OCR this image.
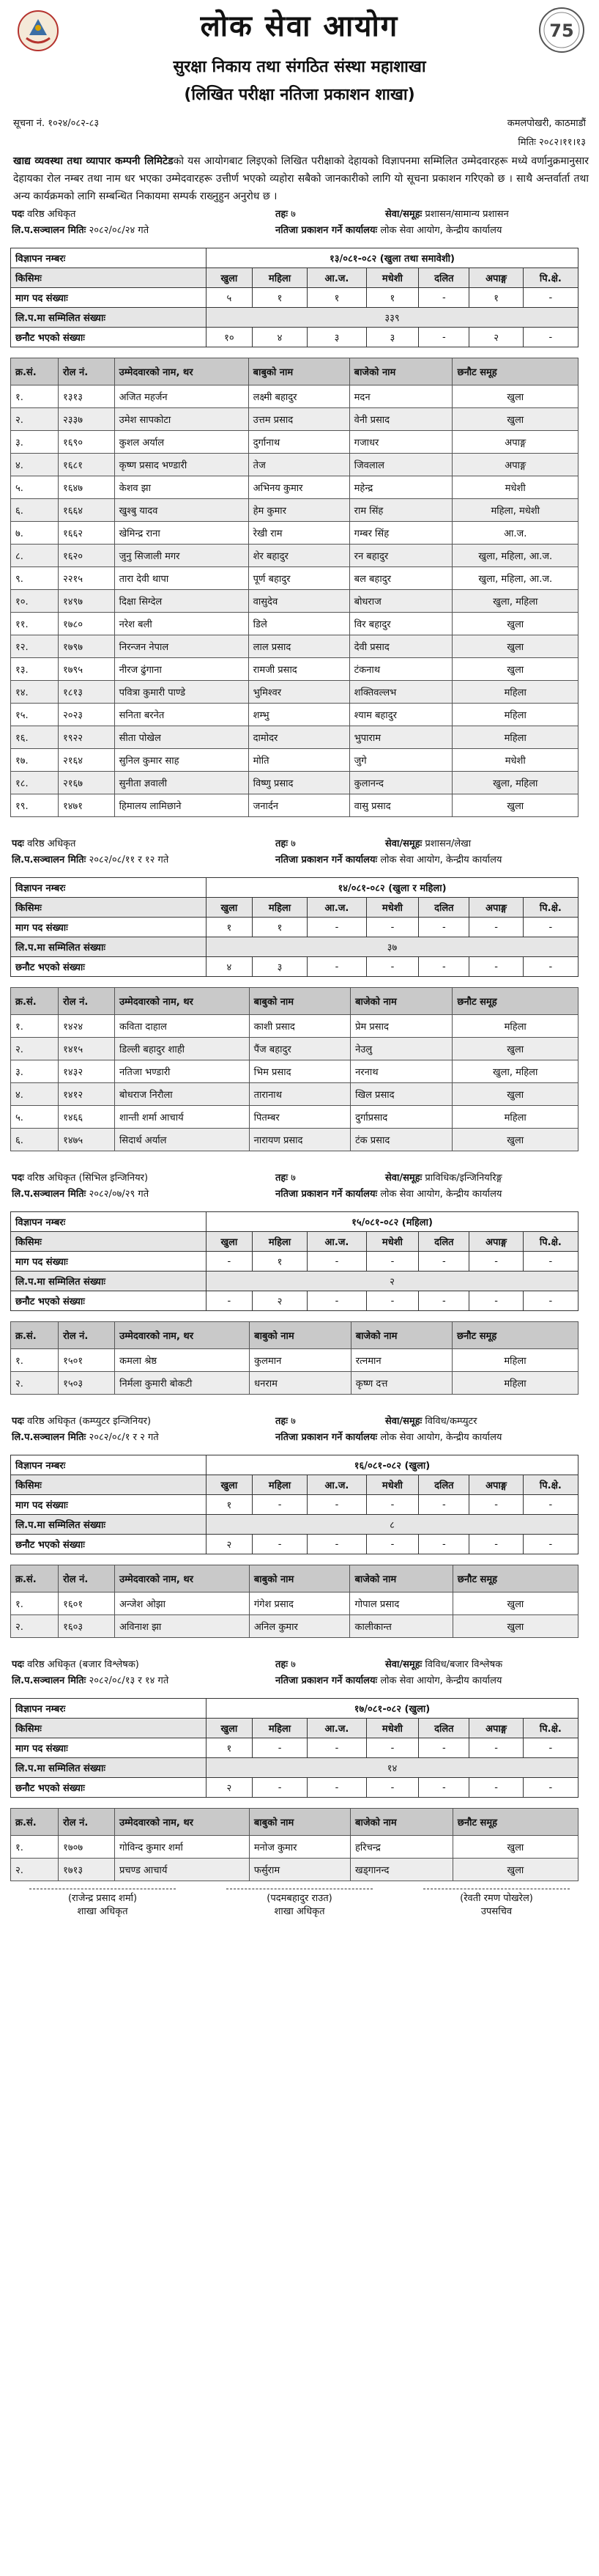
लोक सेवा आयोग
सुरक्षा निकाय तथा संगठित संस्था महाशाखा
(लिखित परीक्षा नतिजा प्रकाशन शाखा)
75
सूचना नं. १०२४/०८२-८३	कमलपोखरी, काठमाडौं
मितिः २०८२।११।१३
खाद्य व्यवस्था तथा व्यापार कम्पनी लिमिटेडको यस आयोगबाट लिइएको लिखित परीक्षाको देहायको विज्ञापनमा सम्मिलित उम्मेदवारहरू मध्ये वर्णानुक्रमानुसार देहायका रोल नम्बर तथा नाम धर भएका उम्मेदवारहरू उत्तीर्ण भएको व्यहोरा सबैको जानकारीको लागि यो सूचना प्रकाशन गरिएको छ । साथै अन्तर्वार्ता तथा अन्य कार्यक्रमको लागि सम्बन्धित निकायमा सम्पर्क राख्नुहुन अनुरोध छ ।
पदः वरिष्ठ अधिकृत	तहः ७	सेवा/समूहः प्रशासन/सामान्य प्रशासन
लि.प.सञ्चालन मितिः २०८२/०८/२४ गते	नतिजा प्रकाशन गर्ने कार्यालयः लोक सेवा आयोग, केन्द्रीय कार्यालय
विज्ञापन नम्बरः	१३/०८१-०८२ (खुला तथा समावेशी)						
किसिमः	खुला	महिला	आ.ज.	मधेशी	दलित	अपाङ्ग	पि.क्षे.
माग पद संख्याः	५	१	१	१	-	१	-
लि.प.मा सम्मिलित संख्याः	३३९						
छनौट भएको संख्याः	१०	४	३	३	-	२	-
क्र.सं.	रोल नं.	उम्मेदवारको नाम, थर	बाबुको नाम	बाजेको नाम	छनौट समूह
१.	१३१३	अजित महर्जन	लक्ष्मी बहादुर	मदन	खुला
२.	२३३७	उमेश सापकोटा	उत्तम प्रसाद	वेनी प्रसाद	खुला
३.	१६९०	कुशल अर्याल	दुर्गानाथ	गजाधर	अपाङ्ग
४.	१६८१	कृष्ण प्रसाद भण्डारी	तेज	जिवलाल	अपाङ्ग
५.	१६४७	केशव झा	अभिनय कुमार	महेन्द्र	मधेशी
६.	१६६४	खुश्बु यादव	हेम कुमार	राम सिंह	महिला, मधेशी
७.	१६६२	खेमिन्द्र राना	रेखी राम	गम्बर सिंह	आ.ज.
८.	१६२०	जुनु सिजाली मगर	शेर बहादुर	रन बहादुर	खुला, महिला, आ.ज.
९.	२२१५	तारा देवी थापा	पूर्ण बहादुर	बल बहादुर	खुला, महिला, आ.ज.
१०.	१४९७	दिक्षा सिग्देल	वासुदेव	बोधराज	खुला, महिला
११.	१७८०	नरेश बली	डिले	विर बहादुर	खुला
१२.	१७९७	निरन्जन नेपाल	लाल प्रसाद	देवी प्रसाद	खुला
१३.	१७९५	नीरज ढुंगाना	रामजी प्रसाद	टंकनाथ	खुला
१४.	१८१३	पवित्रा कुमारी पाण्डे	भुमिश्वर	शक्तिवल्लभ	महिला
१५.	२०२३	सनिता बरनेत	शम्भु	श्याम बहादुर	महिला
१६.	१९२२	सीता पोखेल	दामोदर	भुपाराम	महिला
१७.	२१६४	सुनिल कुमार साह	मोति	जुगे	मधेशी
१८.	२१६७	सुनीता ज्ञवाली	विष्णु प्रसाद	कुलानन्द	खुला, महिला
१९.	१४७१	हिमालय लामिछाने	जनार्दन	वासु प्रसाद	खुला
पदः वरिष्ठ अधिकृत	तहः ७	सेवा/समूहः प्रशासन/लेखा
लि.प.सञ्चालन मितिः २०८२/०८/११ र १२ गते	नतिजा प्रकाशन गर्ने कार्यालयः लोक सेवा आयोग, केन्द्रीय कार्यालय
विज्ञापन नम्बरः	१४/०८१-०८२ (खुला र महिला)						
किसिमः	खुला	महिला	आ.ज.	मधेशी	दलित	अपाङ्ग	पि.क्षे.
माग पद संख्याः	१	१	-	-	-	-	-
लि.प.मा सम्मिलित संख्याः	३७						
छनौट भएको संख्याः	४	३	-	-	-	-	-
क्र.सं.	रोल नं.	उम्मेदवारको नाम, थर	बाबुको नाम	बाजेको नाम	छनौट समूह
१.	१४२४	कविता दाहाल	काशी प्रसाद	प्रेम प्रसाद	महिला
२.	१४१५	डिल्ली बहादुर शाही	पैंज बहादुर	नेउलु	खुला
३.	१४३२	नतिजा भण्डारी	भिम प्रसाद	नरनाथ	खुला, महिला
४.	१४१२	बोधराज निरौला	तारानाथ	खिल प्रसाद	खुला
५.	१४६६	शान्ती शर्मा आचार्य	पितम्बर	दुर्गाप्रसाद	महिला
६.	१४७५	सिदार्थ अर्याल	नारायण प्रसाद	टंक प्रसाद	खुला
पदः वरिष्ठ अधिकृत (सिभिल इन्जिनियर)	तहः ७	सेवा/समूहः प्राविधिक/इन्जिनियरिङ्ग
लि.प.सञ्चालन मितिः २०८२/०७/२९ गते	नतिजा प्रकाशन गर्ने कार्यालयः लोक सेवा आयोग, केन्द्रीय कार्यालय
विज्ञापन नम्बरः	१५/०८१-०८२ (महिला)						
किसिमः	खुला	महिला	आ.ज.	मधेशी	दलित	अपाङ्ग	पि.क्षे.
माग पद संख्याः	-	१	-	-	-	-	-
लि.प.मा सम्मिलित संख्याः	२						
छनौट भएको संख्याः	-	२	-	-	-	-	-
क्र.सं.	रोल नं.	उम्मेदवारको नाम, थर	बाबुको नाम	बाजेको नाम	छनौट समूह
१.	१५०१	कमला श्रेष्ठ	कुलमान	रत्नमान	महिला
२.	१५०३	निर्मला कुमारी बोकटी	धनराम	कृष्ण दत्त	महिला
पदः वरिष्ठ अधिकृत (कम्प्युटर इन्जिनियर)	तहः ७	सेवा/समूहः विविध/कम्प्युटर
लि.प.सञ्चालन मितिः २०८२/०८/१ र २ गते	नतिजा प्रकाशन गर्ने कार्यालयः लोक सेवा आयोग, केन्द्रीय कार्यालय
विज्ञापन नम्बरः	१६/०८१-०८२ (खुला)						
किसिमः	खुला	महिला	आ.ज.	मधेशी	दलित	अपाङ्ग	पि.क्षे.
माग पद संख्याः	१	-	-	-	-	-	-
लि.प.मा सम्मिलित संख्याः	८						
छनौट भएको संख्याः	२	-	-	-	-	-	-
क्र.सं.	रोल नं.	उम्मेदवारको नाम, थर	बाबुको नाम	बाजेको नाम	छनौट समूह
१.	१६०१	अन्जेश ओझा	गंगेश प्रसाद	गोपाल प्रसाद	खुला
२.	१६०३	अविनाश झा	अनिल कुमार	कालीकान्त	खुला
पदः वरिष्ठ अधिकृत (बजार विश्लेषक)	तहः ७	सेवा/समूहः विविध/बजार विश्लेषक
लि.प.सञ्चालन मितिः २०८२/०८/१३ र १४ गते	नतिजा प्रकाशन गर्ने कार्यालयः लोक सेवा आयोग, केन्द्रीय कार्यालय
विज्ञापन नम्बरः	१७/०८१-०८२ (खुला)						
किसिमः	खुला	महिला	आ.ज.	मधेशी	दलित	अपाङ्ग	पि.क्षे.
माग पद संख्याः	१	-	-	-	-	-	-
लि.प.मा सम्मिलित संख्याः	१४						
छनौट भएको संख्याः	२	-	-	-	-	-	-
क्र.सं.	रोल नं.	उम्मेदवारको नाम, थर	बाबुको नाम	बाजेको नाम	छनौट समूह
१.	१७०७	गोविन्द कुमार शर्मा	मनोज कुमार	हरिचन्द्र	खुला
२.	१७१३	प्रचण्ड आचार्य	फर्सुराम	खड्गानन्द	खुला
(राजेन्द्र प्रसाद शर्मा)
शाखा अधिकृत
(पदमबहादुर राउत)
शाखा अधिकृत
(रेवती रमण पोखरेल)
उपसचिव
